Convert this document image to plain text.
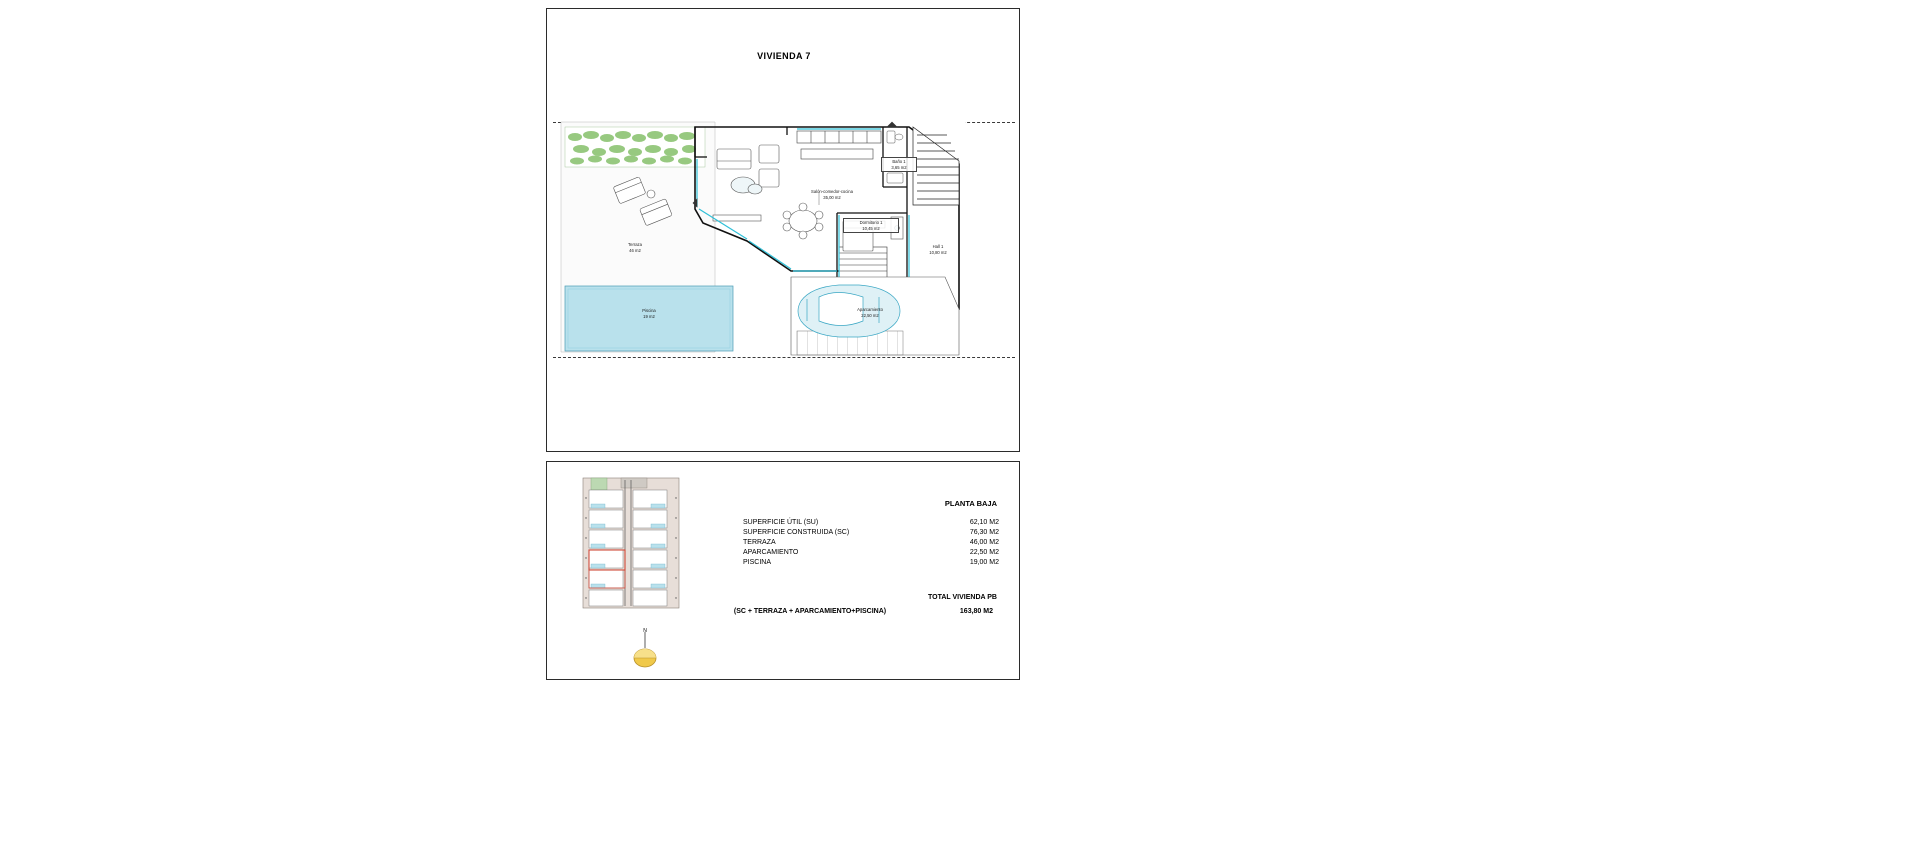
VIVIENDA 7
Terraza
46 m2
Piscina
19 m2
Salón-comedor-cocina
35,00 m2
Baño 1
3,65 m2
Dormitorio 1
10,45 m2
Hall 1
10,80 m2
Aparcamiento
22,50 m2
N
PLANTA BAJA
SUPERFICIE ÚTIL (SU)	62,10 M2
SUPERFICIE CONSTRUIDA (SC)	76,30 M2
TERRAZA	46,00 M2
APARCAMIENTO	22,50 M2
PISCINA	19,00 M2
(SC + TERRAZA + APARCAMIENTO+PISCINA)
TOTAL VIVIENDA PB
163,80 M2
